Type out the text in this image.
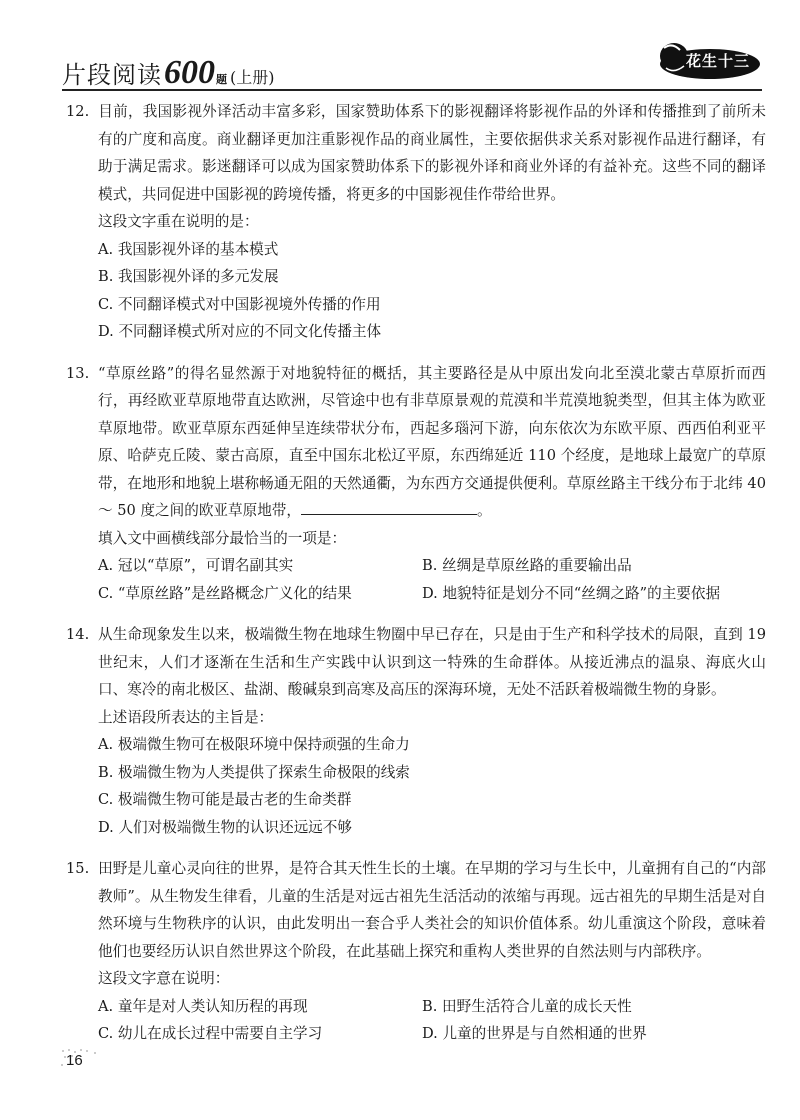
片段阅读 600 题 (上册)
花生十三

12. 目前，我国影视外译活动丰富多彩，国家赞助体系下的影视翻译将影视作品的外译和传播推到了前所未有的广度和高度。商业翻译更加注重影视作品的商业属性，主要依据供求关系对影视作品进行翻译，有助于满足需求。影迷翻译可以成为国家赞助体系下的影视外译和商业外译的有益补充。这些不同的翻译模式，共同促进中国影视的跨境传播，将更多的中国影视佳作带给世界。

这段文字重在说明的是：

A. 我国影视外译的基本模式

B. 我国影视外译的多元发展

C. 不同翻译模式对中国影视境外传播的作用

D. 不同翻译模式所对应的不同文化传播主体

13. “草原丝路”的得名显然源于对地貌特征的概括，其主要路径是从中原出发向北至漠北蒙古草原折而西行，再经欧亚草原地带直达欧洲，尽管途中也有非草原景观的荒漠和半荒漠地貌类型，但其主体为欧亚草原地带。欧亚草原东西延伸呈连续带状分布，西起多瑙河下游，向东依次为东欧平原、西西伯利亚平原、哈萨克丘陵、蒙古高原，直至中国东北松辽平原，东西绵延近 110 个经度，是地球上最宽广的草原带，在地形和地貌上堪称畅通无阻的天然通衢，为东西方交通提供便利。草原丝路主干线分布于北纬 40 ～ 50 度之间的欧亚草原地带，	。

填入文中画横线部分最恰当的一项是：

A. 冠以“草原”，可谓名副其实	B. 丝绸是草原丝路的重要输出品

C. “草原丝路”是丝路概念广义化的结果	D. 地貌特征是划分不同“丝绸之路”的主要依据

14. 从生命现象发生以来，极端微生物在地球生物圈中早已存在，只是由于生产和科学技术的局限，直到 19 世纪末，人们才逐渐在生活和生产实践中认识到这一特殊的生命群体。从接近沸点的温泉、海底火山口、寒冷的南北极区、盐湖、酸碱泉到高寒及高压的深海环境，无处不活跃着极端微生物的身影。

上述语段所表达的主旨是：

A. 极端微生物可在极限环境中保持顽强的生命力

B. 极端微生物为人类提供了探索生命极限的线索

C. 极端微生物可能是最古老的生命类群

D. 人们对极端微生物的认识还远远不够

15. 田野是儿童心灵向往的世界，是符合其天性生长的土壤。在早期的学习与生长中，儿童拥有自己的“内部教师”。从生物发生律看，儿童的生活是对远古祖先生活活动的浓缩与再现。远古祖先的早期生活是对自然环境与生物秩序的认识，由此发明出一套合乎人类社会的知识价值体系。幼儿重演这个阶段，意味着他们也要经历认识自然世界这个阶段，在此基础上探究和重构人类世界的自然法则与内部秩序。

这段文字意在说明：

A. 童年是对人类认知历程的再现	B. 田野生活符合儿童的成长天性

C. 幼儿在成长过程中需要自主学习	D. 儿童的世界是与自然相通的世界

16
